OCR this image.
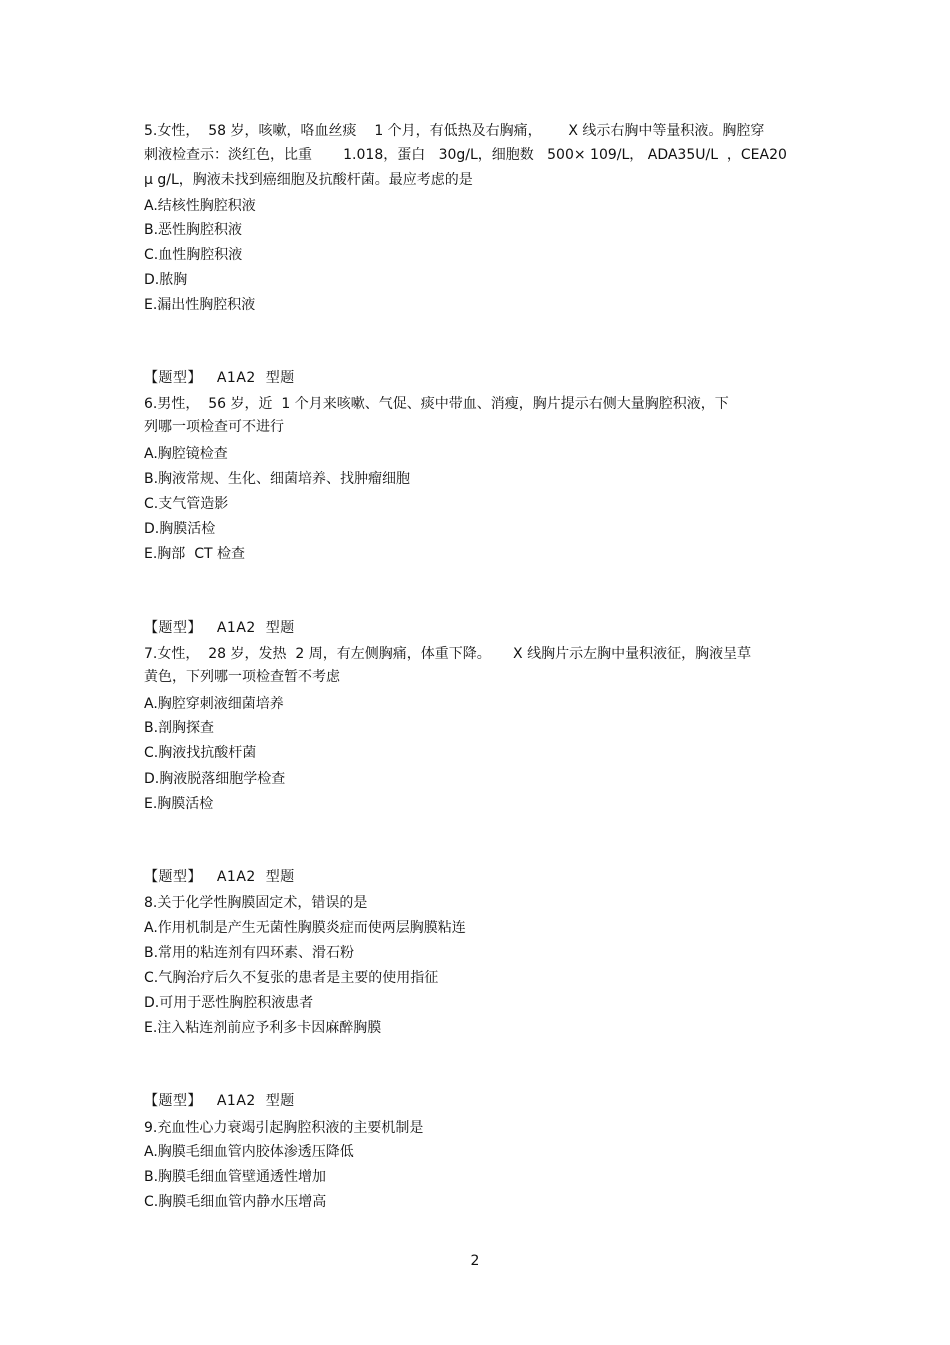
5.女性，  58 岁，咳嗽，咯血丝痰    1 个月，有低热及右胸痛，      X 线示右胸中等量积液。胸腔穿
刺液检查示：淡红色，比重       1.018，蛋白   30g/L，细胞数   500× 109/L， ADA35U/L  ，CEA20
μ g/L，胸液未找到癌细胞及抗酸杆菌。最应考虑的是
A.结核性胸腔积液
B.恶性胸腔积液
C.血性胸腔积液
D.脓胸
E.漏出性胸腔积液
【题型】   A1A2  型题
6.男性，  56 岁，近  1 个月来咳嗽、气促、痰中带血、消瘦，胸片提示右侧大量胸腔积液，下
列哪一项检查可不进行
A.胸腔镜检查
B.胸液常规、生化、细菌培养、找肿瘤细胞
C.支气管造影
D.胸膜活检
E.胸部  CT 检查
【题型】   A1A2  型题
7.女性，  28 岁，发热  2 周，有左侧胸痛，体重下降。     X 线胸片示左胸中量积液征，胸液呈草
黄色，下列哪一项检查暂不考虑
A.胸腔穿刺液细菌培养
B.剖胸探查
C.胸液找抗酸杆菌
D.胸液脱落细胞学检查
E.胸膜活检
【题型】   A1A2  型题
8.关于化学性胸膜固定术，错误的是
A.作用机制是产生无菌性胸膜炎症而使两层胸膜粘连
B.常用的粘连剂有四环素、滑石粉
C.气胸治疗后久不复张的患者是主要的使用指征
D.可用于恶性胸腔积液患者
E.注入粘连剂前应予利多卡因麻醉胸膜
【题型】   A1A2  型题
9.充血性心力衰竭引起胸腔积液的主要机制是
A.胸膜毛细血管内胶体渗透压降低
B.胸膜毛细血管壁通透性增加
C.胸膜毛细血管内静水压增高
2
